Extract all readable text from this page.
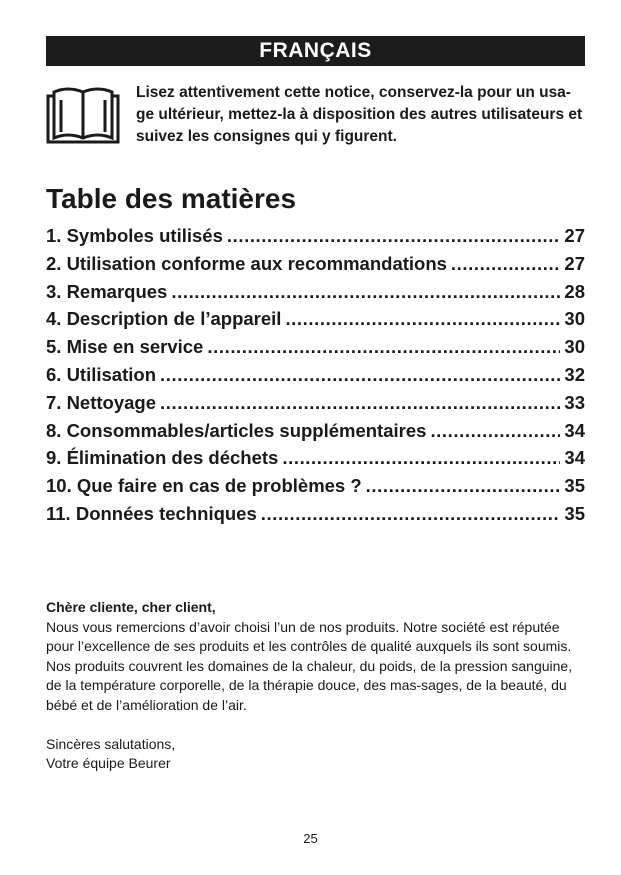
FRANÇAIS
Lisez attentivement cette notice, conservez-la pour un usa-ge ultérieur, mettez-la à disposition des autres utilisateurs et suivez les consignes qui y figurent.
Table des matières
1. Symboles utilisés .....	27
2. Utilisation conforme aux recommandations .....	27
3. Remarques .....	28
4. Description de l’appareil .....	30
5. Mise en service .....	30
6. Utilisation .....	32
7. Nettoyage .....	33
8. Consommables/articles supplémentaires .....	34
9. Élimination des déchets .....	34
10. Que faire en cas de problèmes ? .....	35
11. Données techniques .....	35

Chère cliente, cher client,

Nous vous remercions d’avoir choisi l’un de nos produits. Notre société est réputée pour l’excellence de ses produits et les contrôles de qualité auxquels ils sont soumis. Nos produits couvrent les domaines de la chaleur, du poids, de la pression sanguine, de la température corporelle, de la thérapie douce, des mas-sages, de la beauté, du bébé et de l’amélioration de l’air.

Sincères salutations,
Votre équipe Beurer

25
